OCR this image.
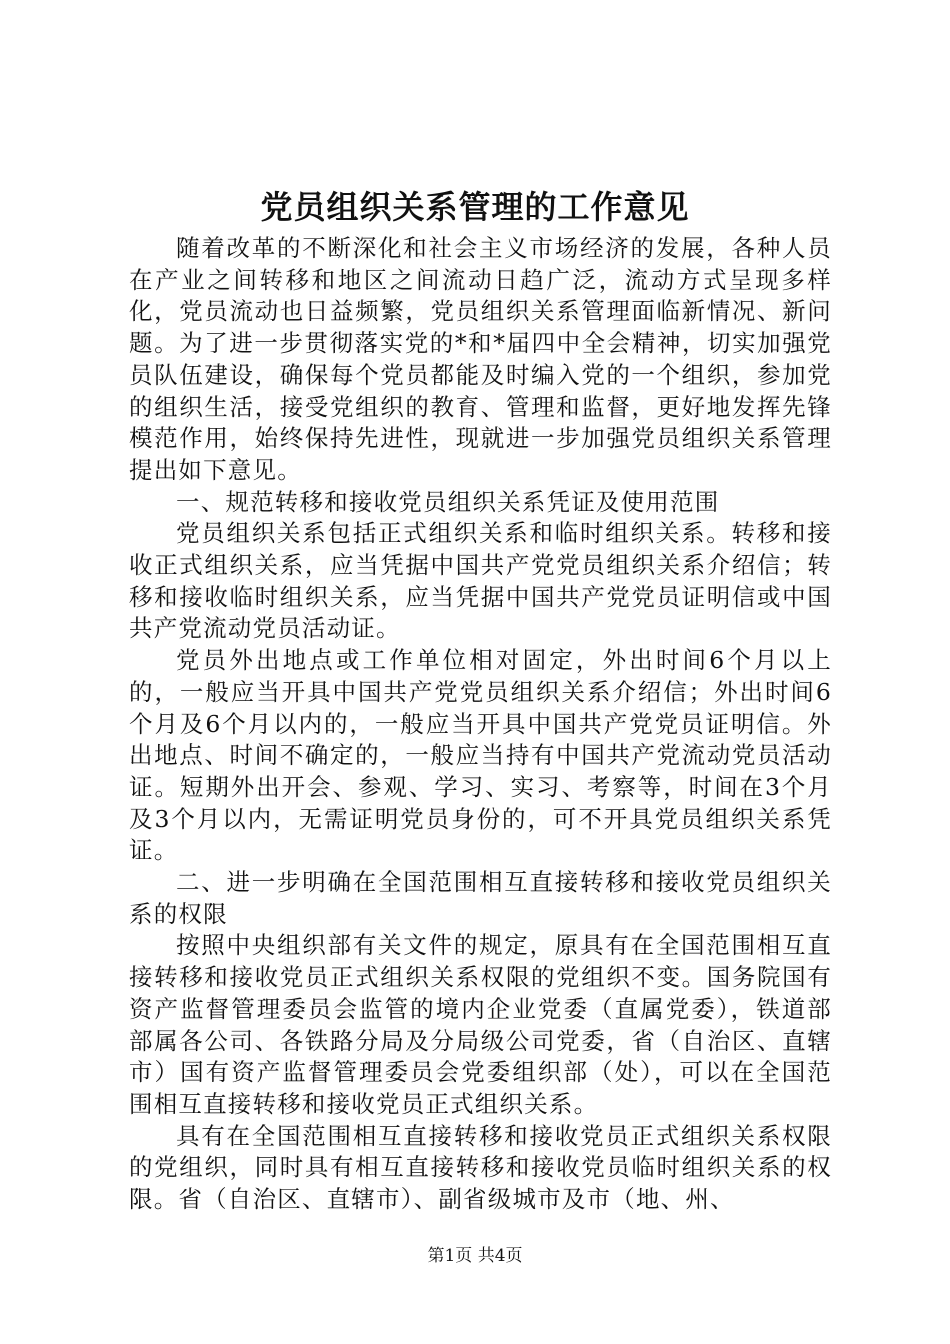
党员组织关系管理的工作意见

随着改革的不断深化和社会主义市场经济的发展，各种人员在产业之间转移和地区之间流动日趋广泛，流动方式呈现多样化，党员流动也日益频繁，党员组织关系管理面临新情况、新问题。为了进一步贯彻落实党的*和*届四中全会精神，切实加强党员队伍建设，确保每个党员都能及时编入党的一个组织，参加党的组织生活，接受党组织的教育、管理和监督，更好地发挥先锋模范作用，始终保持先进性，现就进一步加强党员组织关系管理提出如下意见。

一、规范转移和接收党员组织关系凭证及使用范围

党员组织关系包括正式组织关系和临时组织关系。转移和接收正式组织关系，应当凭据中国共产党党员组织关系介绍信；转移和接收临时组织关系，应当凭据中国共产党党员证明信或中国共产党流动党员活动证。

党员外出地点或工作单位相对固定，外出时间6个月以上的，一般应当开具中国共产党党员组织关系介绍信；外出时间6个月及6个月以内的，一般应当开具中国共产党党员证明信。外出地点、时间不确定的，一般应当持有中国共产党流动党员活动证。短期外出开会、参观、学习、实习、考察等，时间在3个月及3个月以内，无需证明党员身份的，可不开具党员组织关系凭证。

二、进一步明确在全国范围相互直接转移和接收党员组织关系的权限

按照中央组织部有关文件的规定，原具有在全国范围相互直接转移和接收党员正式组织关系权限的党组织不变。国务院国有资产监督管理委员会监管的境内企业党委（直属党委），铁道部部属各公司、各铁路分局及分局级公司党委，省（自治区、直辖市）国有资产监督管理委员会党委组织部（处），可以在全国范围相互直接转移和接收党员正式组织关系。

具有在全国范围相互直接转移和接收党员正式组织关系权限的党组织，同时具有相互直接转移和接收党员临时组织关系的权限。省（自治区、直辖市）、副省级城市及市（地、州、

第1页 共4页
